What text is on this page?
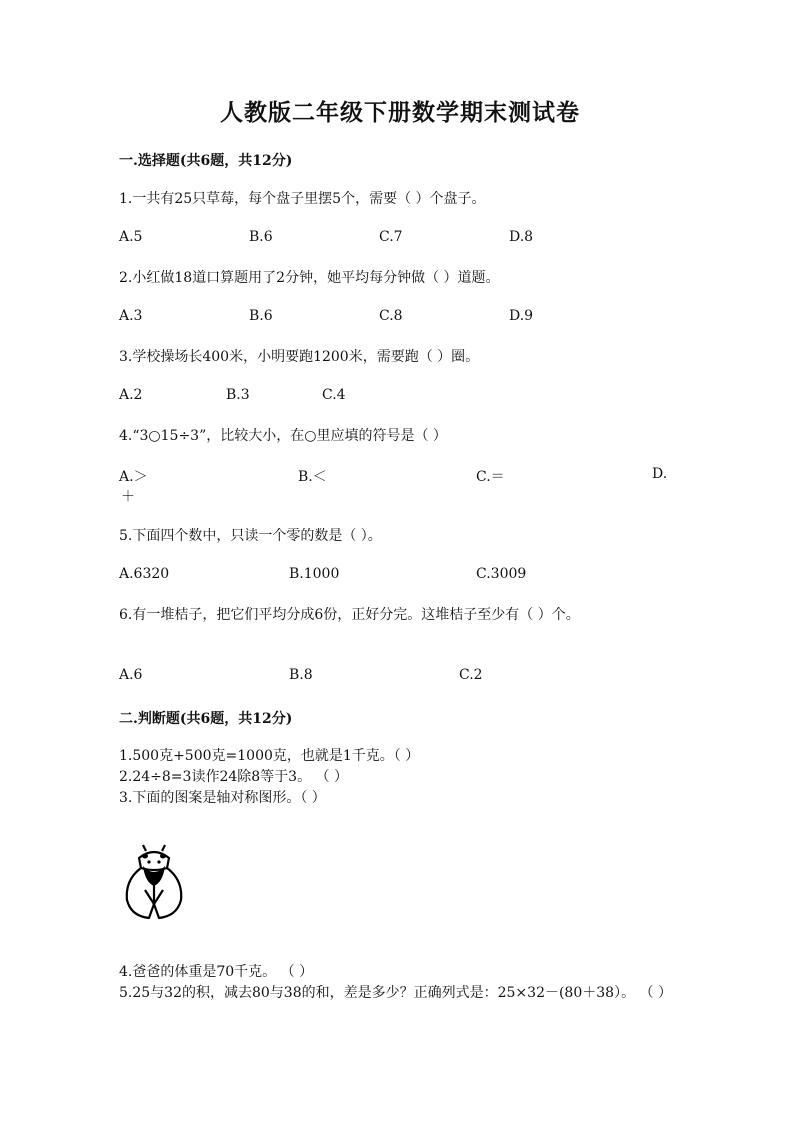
人教版二年级下册数学期末测试卷
一.选择题(共6题，共12分)
1.一共有25只草莓，每个盘子里摆5个，需要（ ）个盘子。
A.5	B.6	C.7	D.8
2.小红做18道口算题用了2分钟，她平均每分钟做（ ）道题。
A.3	B.6	C.8	D.9
3.学校操场长400米，小明要跑1200米，需要跑（ ）圈。
A.2	B.3	C.4
4.“3○15÷3”，比较大小，在○里应填的符号是（ ）
A.＞	B.＜	C.＝	D.
＋
5.下面四个数中，只读一个零的数是（ ）。
A.6320	B.1000	C.3009
6.有一堆桔子，把它们平均分成6份，正好分完。这堆桔子至少有（ ）个。
A.6	B.8	C.2
二.判断题(共6题，共12分)
1.500克+500克=1000克，也就是1千克。（ ）
2.24÷8=3读作24除8等于3。 （ ）
3.下面的图案是轴对称图形。（ ）
4.爸爸的体重是70千克。 （ ）
5.25与32的积，减去80与38的和，差是多少？正确列式是：25×32－(80＋38）。 （ ）
